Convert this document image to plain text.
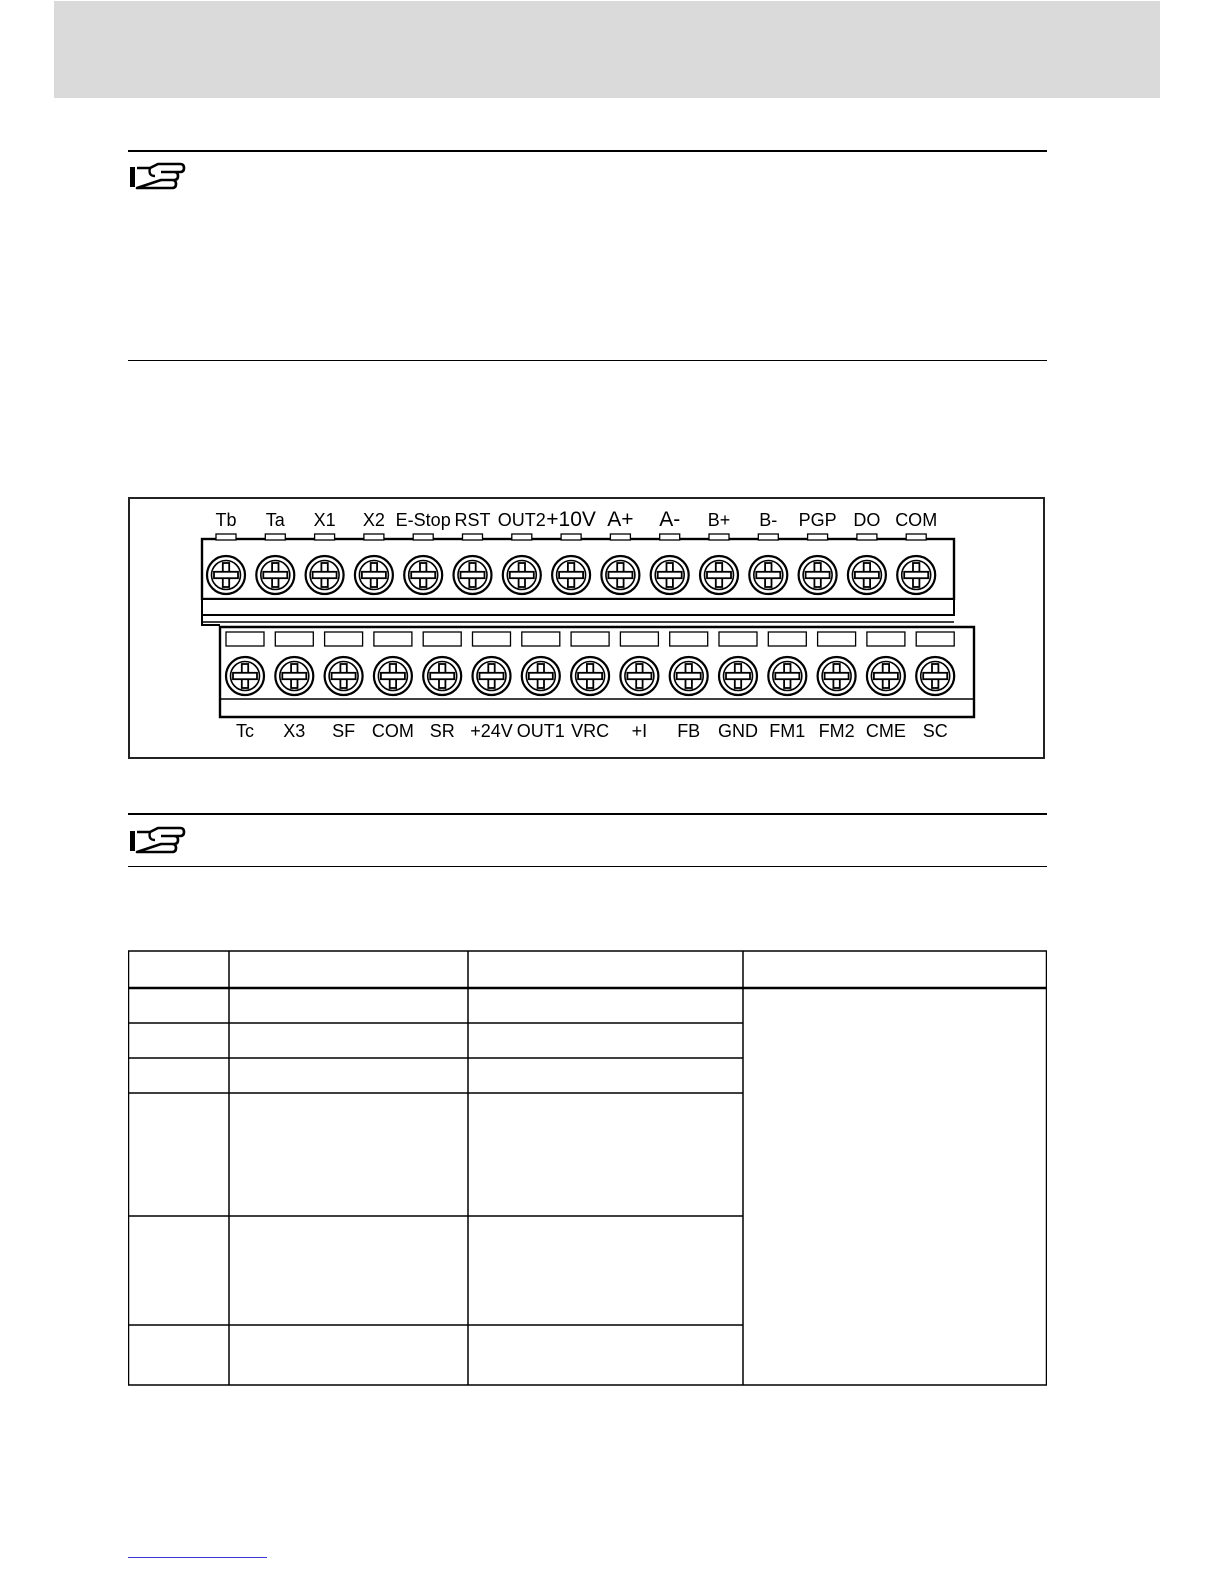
Tb Ta X1 X2 E-Stop RST OUT2 +10V A+ A- B+ B- PGP DO COM
Tc X3 SF COM SR +24V OUT1 VRC +I FB GND FM1 FM2 CME SC
